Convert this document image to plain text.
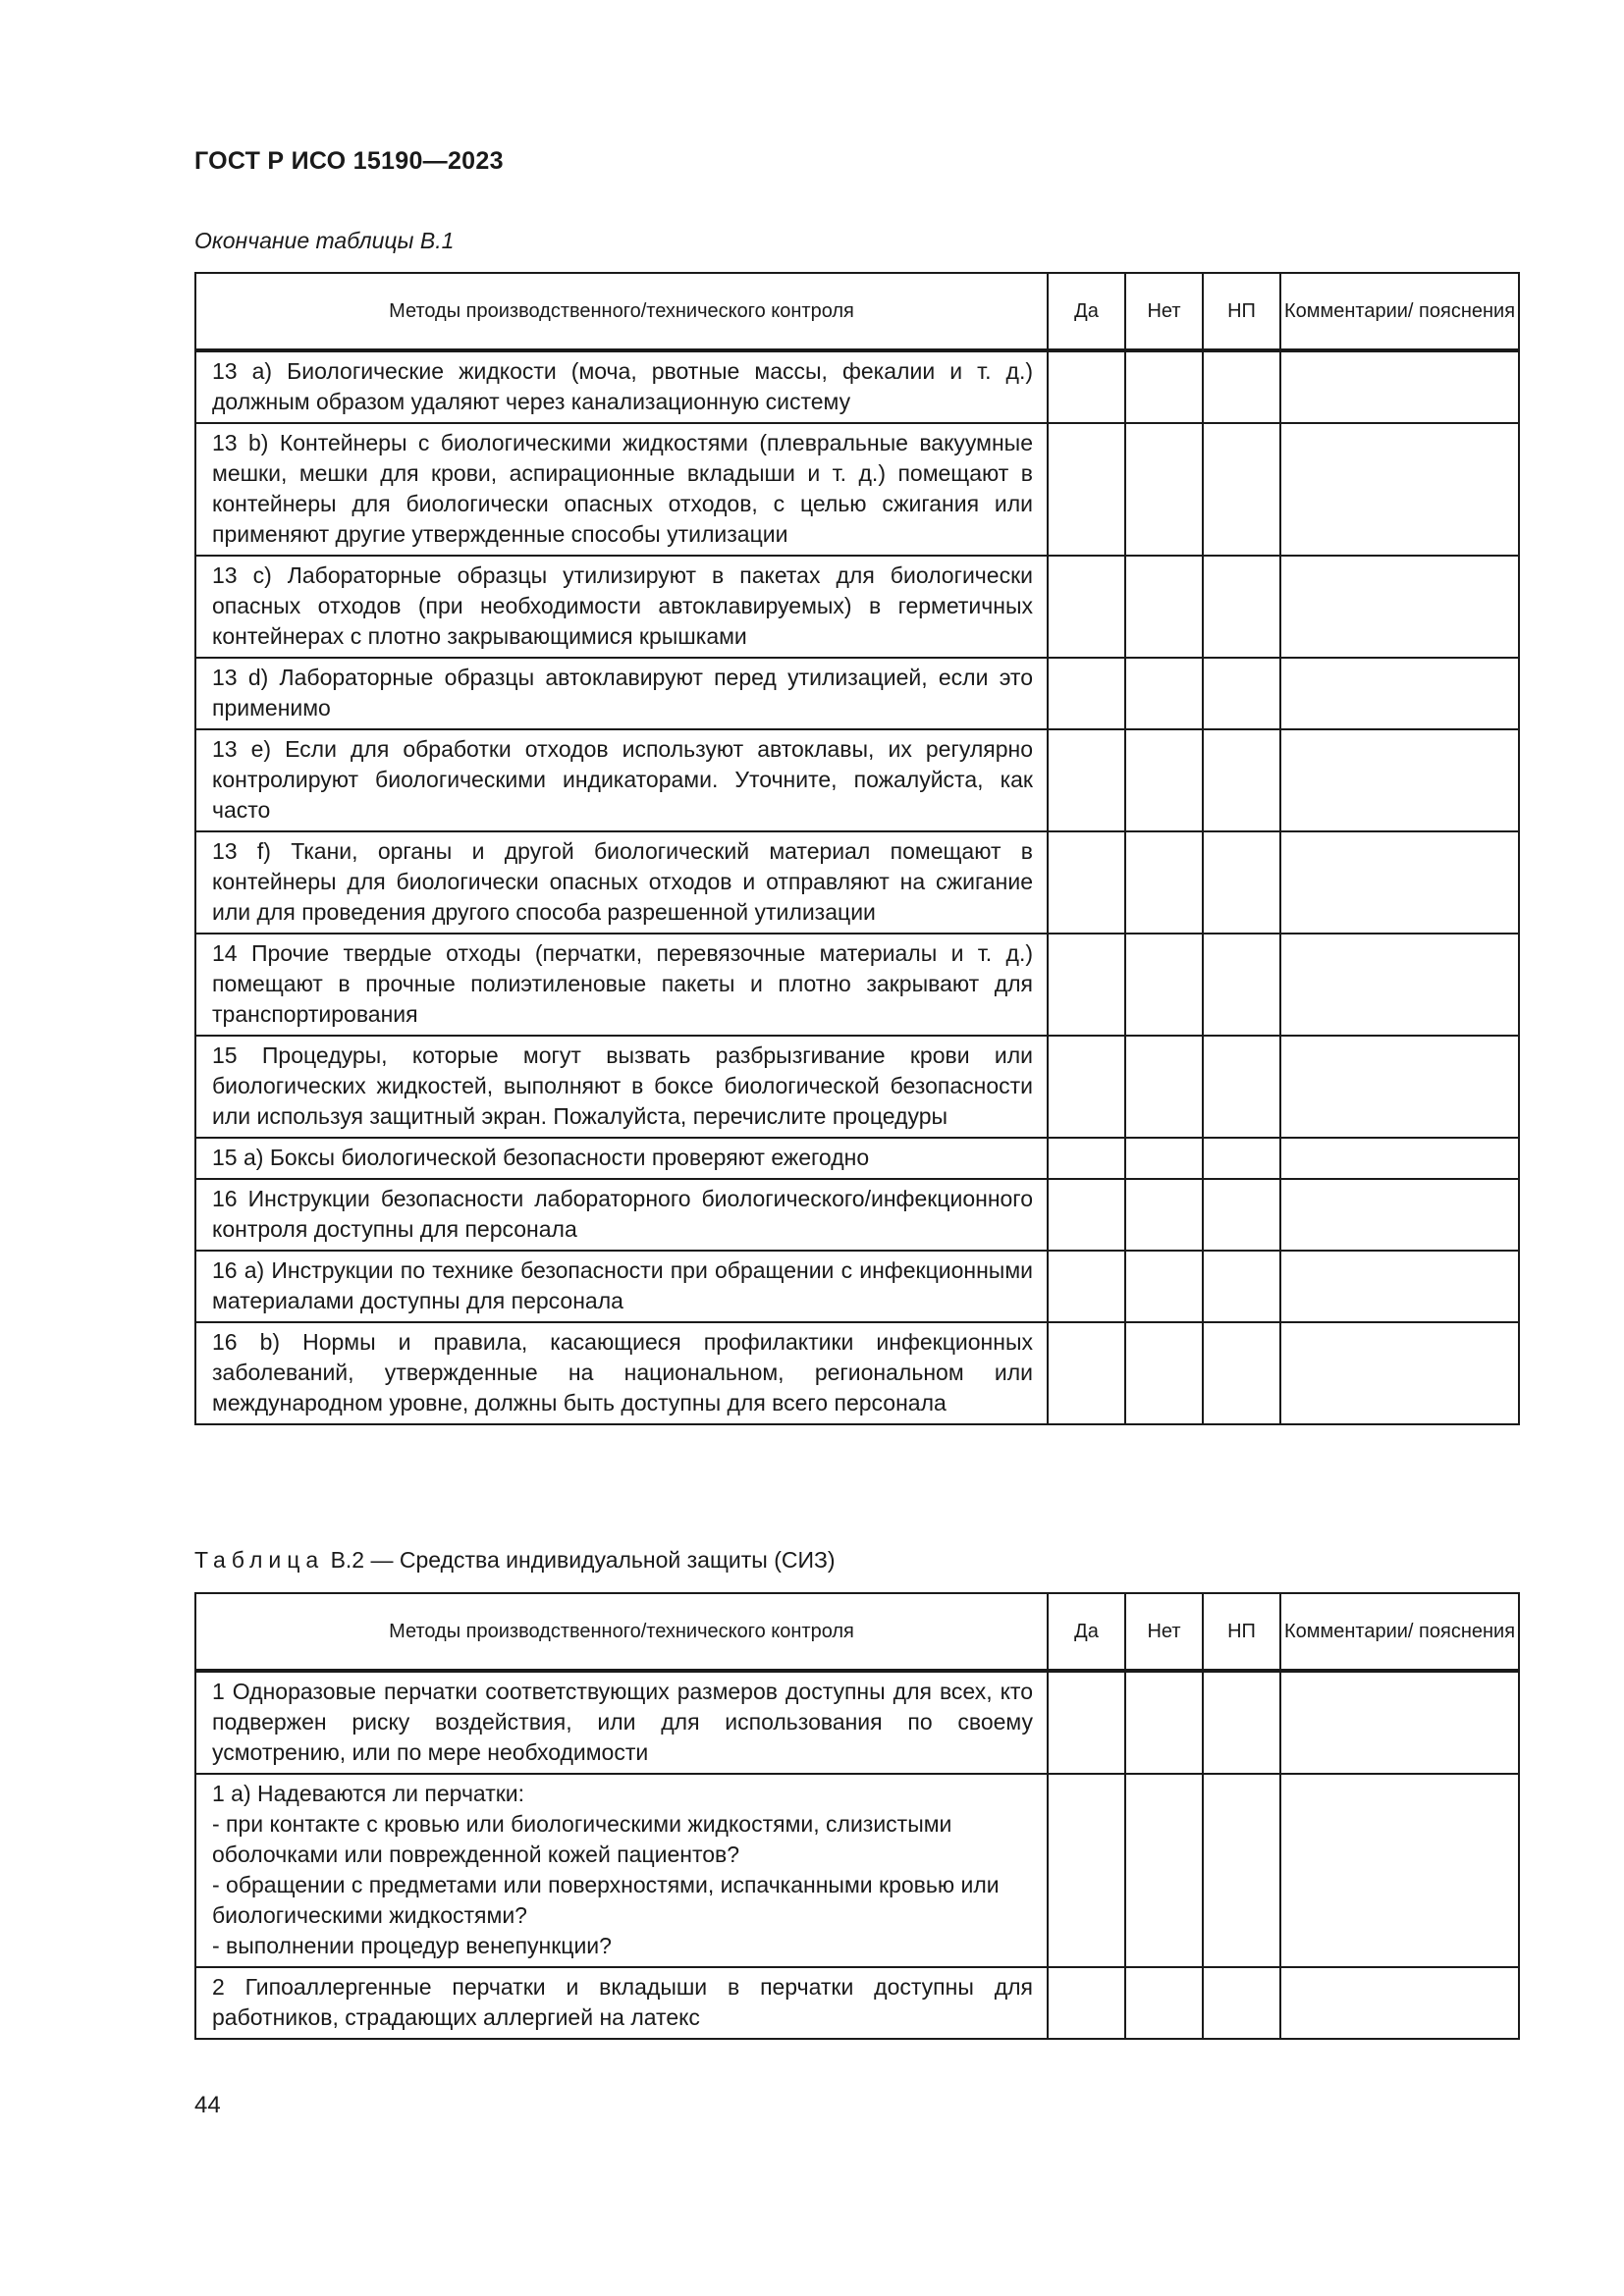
ГОСТ Р ИСО 15190—2023
Окончание таблицы В.1
Методы производственного/технического контроля	Да	Нет	НП	Комментарии/ пояснения
13 a) Биологические жидкости (моча, рвотные массы, фекалии и т. д.) должным образом удаляют через канализационную систему				
13 b) Контейнеры с биологическими жидкостями (плевральные вакуумные мешки, мешки для крови, аспирационные вкладыши и т. д.) помещают в контейнеры для биологически опасных отходов, с целью сжигания или применяют другие утвержденные способы утилизации				
13 c) Лабораторные образцы утилизируют в пакетах для биологически опасных отходов (при необходимости автоклавируемых) в герметичных контейнерах с плотно закрывающимися крышками				
13 d) Лабораторные образцы автоклавируют перед утилизацией, если это применимо				
13 e) Если для обработки отходов используют автоклавы, их регулярно контролируют биологическими индикаторами. Уточните, пожалуйста, как часто				
13 f) Ткани, органы и другой биологический материал помещают в контейнеры для биологически опасных отходов и отправляют на сжигание или для проведения другого способа разрешенной утилизации				
14 Прочие твердые отходы (перчатки, перевязочные материалы и т. д.) помещают в прочные полиэтиленовые пакеты и плотно закрывают для транспортирования				
15 Процедуры, которые могут вызвать разбрызгивание крови или биологических жидкостей, выполняют в боксе биологической безопасности или используя защитный экран. Пожалуйста, перечислите процедуры				
15 a) Боксы биологической безопасности проверяют ежегодно				
16 Инструкции безопасности лабораторного биологического/инфекционного контроля доступны для персонала				
16 a) Инструкции по технике безопасности при обращении с инфекционными материалами доступны для персонала				
16 b) Нормы и правила, касающиеся профилактики инфекционных заболеваний, утвержденные на национальном, региональном или международном уровне, должны быть доступны для всего персонала				
Таблица В.2 — Средства индивидуальной защиты (СИЗ)
Методы производственного/технического контроля	Да	Нет	НП	Комментарии/ пояснения
1 Одноразовые перчатки соответствующих размеров доступны для всех, кто подвержен риску воздействия, или для использования по своему усмотрению, или по мере необходимости				

1 a) Надеваются ли перчатки:
- при контакте с кровью или биологическими жидкостями, слизистыми оболочками или поврежденной кожей пациентов?
- обращении с предметами или поверхностями, испачканными кровью или биологическими жидкостями?
- выполнении процедур венепункции?				

2 Гипоаллергенные перчатки и вкладыши в перчатки доступны для работников, страдающих аллергией на латекс				
44
